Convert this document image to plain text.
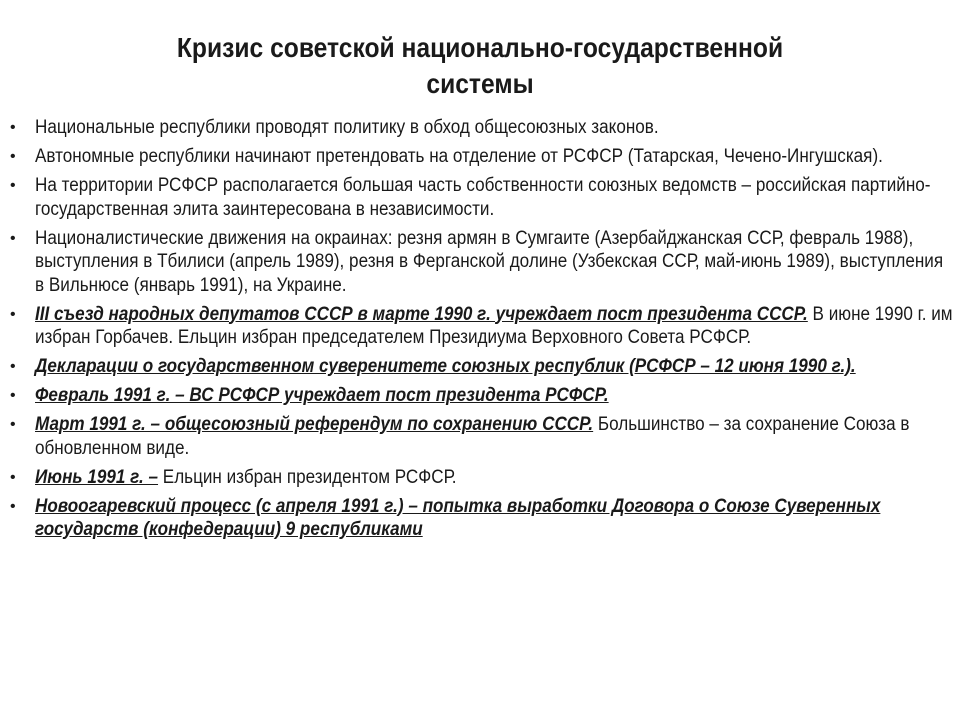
Кризис советской национально-государственной
системы
• Национальные республики проводят политику в обход общесоюзных законов.
• Автономные республики начинают претендовать на отделение от РСФСР (Татарская, Чечено-Ингушская).
• На территории РСФСР располагается большая часть собственности союзных ведомств – российская партийно-государственная элита заинтересована в независимости.
• Националистические движения на окраинах: резня армян в Сумгаите (Азербайджанская ССР, февраль 1988), выступления в Тбилиси (апрель 1989), резня в Ферганской долине (Узбекская ССР, май-июнь 1989), выступления в Вильнюсе (январь 1991), на Украине.
• III съезд народных депутатов СССР в марте 1990 г. учреждает пост президента СССР. В июне 1990 г. им избран Горбачев. Ельцин избран председателем Президиума Верховного Совета РСФСР.
• Декларации о государственном суверенитете союзных республик (РСФСР – 12 июня 1990 г.).
• Февраль 1991 г. – ВС РСФСР учреждает пост президента РСФСР.
• Март 1991 г. – общесоюзный референдум по сохранению СССР. Большинство – за сохранение Союза в обновленном виде.
• Июнь 1991 г. – Ельцин избран президентом РСФСР.
• Новоогаревский процесс (с апреля 1991 г.) – попытка выработки Договора о Союзе Суверенных государств (конфедерации) 9 республиками
